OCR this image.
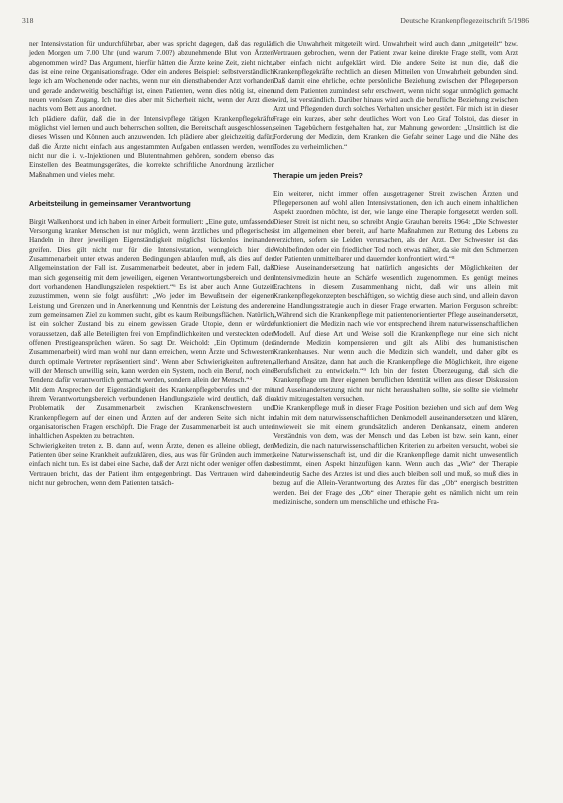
318	Deutsche Krankenpflegezeitschrift 5/1986

ner Intensivstation für undurchführbar, aber was spricht dagegen, daß das regulär jeden Morgen um 7.00 Uhr (und warum 7.00?) abzunehmende Blut von Ärzten abgenommen wird? Das Argument, hierfür hätten die Ärzte keine Zeit, zieht nicht, das ist eine reine Organisationsfrage. Oder ein anderes Beispiel: selbstverständlich lege ich am Wochenende oder nachts, wenn nur ein diensthabender Arzt vorhanden und gerade anderweitig beschäftigt ist, einen Patienten, wenn dies nötig ist, einen neuen venösen Zugang. Ich tue dies aber mit Sicherheit nicht, wenn der Arzt dies nachts vom Bett aus anordnet.

Ich plädiere dafür, daß die in der Intensivpflege tätigen Krankenpflegekräfte möglichst viel lernen und auch beherrschen sollten, die Bereitschaft ausgeschlossen, dieses Wissen und Können auch anzuwenden. Ich plädiere aber gleichzeitig dafür, daß die Ärzte nicht einfach aus angestammten Aufgaben entlassen werden, wenn nicht nur die i. v.-Injektionen und Blutentnahmen gehören, sondern ebenso das Einstellen des Beatmungsgerätes, die korrekte schriftliche Anordnung ärztlicher Maßnahmen und vieles mehr.

Arbeitsteilung in gemeinsamer Verantwortung

Birgit Walkenhorst und ich haben in einer Arbeit formuliert: „Eine gute, umfassende Versorgung kranker Menschen ist nur möglich, wenn ärztliches und pflegerisches Handeln in ihrer jeweiligen Eigenständigkeit möglichst lückenlos ineinander greifen. Dies gilt nicht nur für die Intensivstation, wenngleich hier die Zusammenarbeit unter etwas anderen Bedingungen ablaufen muß, als dies auf der Allgemeinstation der Fall ist. Zusammenarbeit bedeutet, aber in jedem Fall, daß man sich gegenseitig mit dem jeweiligen, eigenen Verantwortungsbereich und den dort vorhandenen Handlungszielen respektiert.“⁶ Es ist aber auch Anne Gutzeit zuzustimmen, wenn sie folgt ausführt: „Wo jeder im Bewußtsein der eigenen Leistung und Grenzen und in Anerkennung und Kenntnis der Leistung des anderen zum gemeinsamen Ziel zu kommen sucht, gibt es kaum Reibungsflächen. Natürlich ist ein solcher Zustand bis zu einem gewissen Grade Utopie, denn er würde voraussetzen, daß alle Beteiligten frei von Empfindlichkeiten und versteckten oder offenen Prestigeansprüchen wären. So sagt Dr. Weichold: ‚Ein Optimum (der Zusammenarbeit) wird man wohl nur dann erreichen, wenn Ärzte und Schwestern durch optimale Vertreter repräsentiert sind‘. Wenn aber Schwierigkeiten auftreten, will der Mensch unwillig sein, kann werden ein System, noch ein Beruf, noch eine Tendenz dafür verantwortlich gemacht werden, sondern allein der Mensch.“⁴

Mit dem Ansprechen der Eigenständigkeit des Krankenpflegeberufes und der mit ihrem Verantwortungsbereich verbundenen Handlungsziele wird deutlich, daß die Problematik der Zusammenarbeit zwischen Krankenschwestern und Krankenpflegern auf der einen und Ärzten auf der anderen Seite sich nicht in organisatorischen Fragen erschöpft. Die Frage der Zusammenarbeit ist auch unter inhaltlichen Aspekten zu betrachten.

Schwierigkeiten treten z. B. dann auf, wenn Ärzte, denen es alleine obliegt, den Patienten über seine Krankheit aufzuklären, dies, aus was für Gründen auch immer, einfach nicht tun. Es ist dabei eine Sache, daß der Arzt nicht oder weniger offen das Vertrauen bricht, das der Patient ihm entgegenbringt. Das Vertrauen wird daher nicht nur gebrochen, wenn dem Patienten tatsäch-

lich die Unwahrheit mitgeteilt wird. Unwahrheit wird auch dann „mitgeteilt“ bzw. Vertrauen gebrochen, wenn der Patient zwar keine direkte Frage stellt, vom Arzt aber einfach nicht aufgeklärt wird. Die andere Seite ist nun die, daß die Krankenpflegekräfte rechtlich an diesen Mitteilen von Unwahrheit gebunden sind. Daß damit eine ehrliche, echte persönliche Beziehung zwischen der Pflegeperson und dem Patienten zumindest sehr erschwert, wenn nicht sogar unmöglich gemacht wird, ist verständlich. Darüber hinaus wird auch die berufliche Beziehung zwischen Arzt und Pflegenden durch solches Verhalten unsicher gestört. Für mich ist in dieser Frage ein kurzes, aber sehr deutliches Wort von Leo Graf Tolstoi, das dieser in seinen Tagebüchern festgehalten hat, zur Mahnung geworden: „Unsittlich ist die Forderung der Medizin, dem Kranken die Gefahr seiner Lage und die Nähe des Todes zu verheimlichen.“

Therapie um jeden Preis?

Ein weiterer, nicht immer offen ausgetragener Streit zwischen Ärzten und Pflegepersonen auf wohl allen Intensivstationen, den ich auch einem inhaltlichen Aspekt zuordnen möchte, ist der, wie lange eine Therapie fortgesetzt werden soll. Dieser Streit ist nicht neu, so schreibt Angie Grauhan bereits 1964: „Die Schwester ist im allgemeinen eher bereit, auf harte Maßnahmen zur Rettung des Lebens zu verzichten, sofern sie Leiden verursachen, als der Arzt. Der Schwester ist das Wohlbefinden oder ein friedlicher Tod noch etwas näher, da sie mit den Schmerzen der Patienten unmittelbarer und dauernder konfrontiert wird.“⁸

Diese Auseinandersetzung hat natürlich angesichts der Möglichkeiten der Intensivmedizin heute an Schärfe wesentlich zugenommen. Es genügt meines Erachtens in diesem Zusammenhang nicht, daß wir uns allein mit Krankenpflegekonzepten beschäftigen, so wichtig diese auch sind, und allein davon eine Handlungsstrategie auch in dieser Frage erwarten. Marion Ferguson schreibt: „Während sich die Krankenpflege mit patientenorientierter Pflege auseinandersetzt, funktioniert die Medizin nach wie vor entsprechend ihrem naturwissenschaftlichen Modell. Auf diese Art und Weise soll die Krankenpflege nur eine sich nicht ändernde Medizin kompensieren und gilt als Alibi des humanistischen Krankenhauses. Nur wenn auch die Medizin sich wandelt, und daher gibt es allerhand Ansätze, dann hat auch die Krankenpflege die Möglichkeit, ihre eigene Berufsficheit zu entwickeln.“⁹ Ich bin der festen Überzeugung, daß sich die Krankenpflege um ihrer eigenen beruflichen Identität willen aus dieser Diskussion und Auseinandersetzung nicht nur nicht heraushalten sollte, sie sollte sie vielmehr aktiv mitzugestalten versuchen.

Die Krankenpflege muß in dieser Frage Position beziehen und sich auf dem Weg dahin mit dem naturwissenschaftlichen Denkmodell auseinandersetzen und klären, inwieweit sie mit einem grundsätzlich anderen Denkansatz, einem anderen Verständnis von dem, was der Mensch und das Leben ist bzw. sein kann, einer Medizin, die nach naturwissenschaftlichen Kriterien zu arbeiten versucht, wobei sie keine Naturwissenschaft ist, und dir die Krankenpflege damit nicht unwesentlich bestimmt, einen Aspekt hinzufügen kann. Wenn auch das „Wie“ der Therapie eindeutig Sache des Arztes ist und dies auch bleiben soll und muß, so muß dies in bezug auf die Allein-Verantwortung des Arztes für das „Ob“ energisch bestritten werden. Bei der Frage des „Ob“ einer Therapie geht es nämlich nicht um rein medizinische, sondern um menschliche und ethische Fra-
